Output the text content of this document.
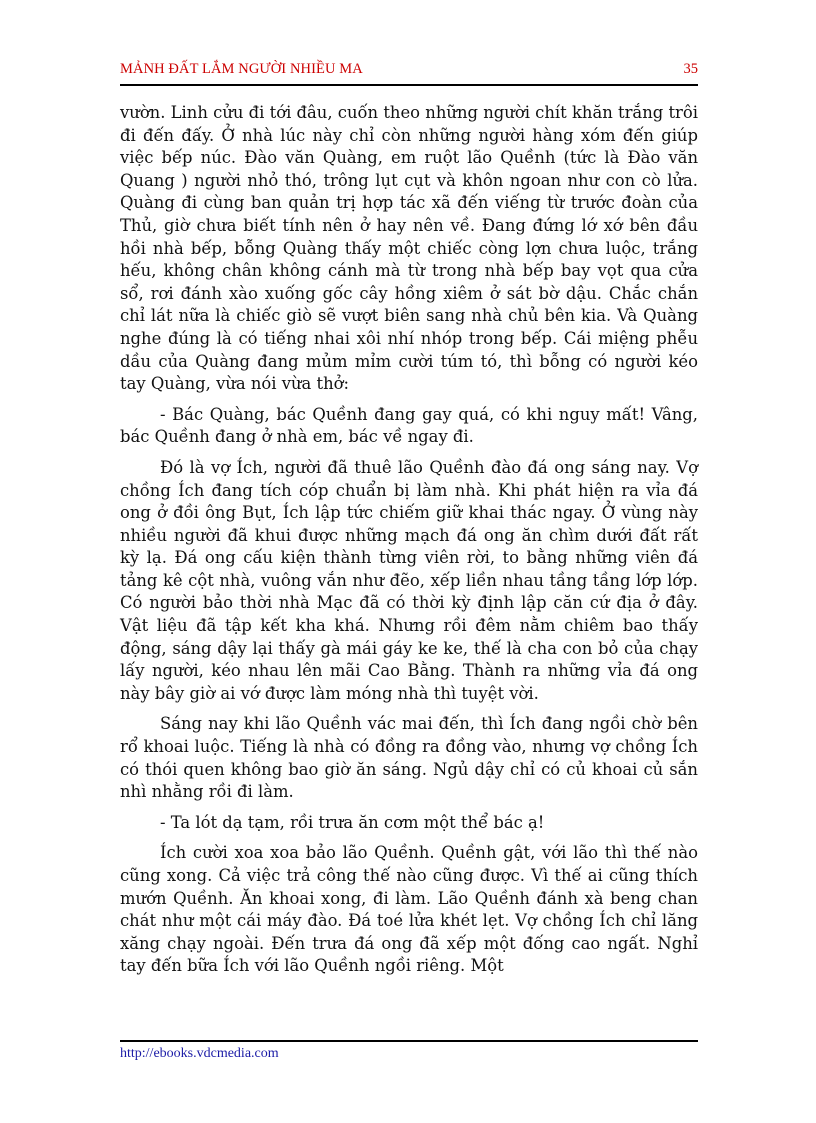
MẢNH ĐẤT LẮM NGƯỜI NHIỀU MA	35

vườn. Linh cửu đi tới đâu, cuốn theo những người chít khăn trắng trôi đi đến đấy. Ở nhà lúc này chỉ còn những người hàng xóm đến giúp việc bếp núc. Đào văn Quàng, em ruột lão Quềnh (tức là Đào văn Quang ) người nhỏ thó, trông lụt cụt và khôn ngoan như con cò lửa. Quàng đi cùng ban quản trị hợp tác xã đến viếng từ trước đoàn của Thủ, giờ chưa biết tính nên ở hay nên về. Đang đứng lớ xớ bên đầu hồi nhà bếp, bỗng Quàng thấy một chiếc còng lợn chưa luộc, trắng hếu, không chân không cánh mà từ trong nhà bếp bay vọt qua cửa sổ, rơi đánh xào xuống gốc cây hồng xiêm ở sát bờ dậu. Chắc chắn chỉ lát nữa là chiếc giò sẽ vượt biên sang nhà chủ bên kia. Và Quàng nghe đúng là có tiếng nhai xôi nhí nhóp trong bếp. Cái miệng phễu dầu của Quàng đang mủm mỉm cười túm tó, thì bỗng có người kéo tay Quàng, vừa nói vừa thở:

- Bác Quàng, bác Quềnh đang gay quá, có khi nguy mất! Vâng, bác Quềnh đang ở nhà em, bác về ngay đi.

Đó là vợ Ích, người đã thuê lão Quềnh đào đá ong sáng nay. Vợ chồng Ích đang tích cóp chuẩn bị làm nhà. Khi phát hiện ra vỉa đá ong ở đồi ông Bụt, Ích lập tức chiếm giữ khai thác ngay. Ở vùng này nhiều người đã khui được những mạch đá ong ăn chìm dưới đất rất kỳ lạ. Đá ong cấu kiện thành từng viên rời, to bằng những viên đá tảng kê cột nhà, vuông vắn như đẽo, xếp liền nhau tầng tầng lớp lớp. Có người bảo thời nhà Mạc đã có thời kỳ định lập căn cứ địa ở đây. Vật liệu đã tập kết kha khá. Nhưng rồi đêm nằm chiêm bao thấy động, sáng dậy lại thấy gà mái gáy ke ke, thế là cha con bỏ của chạy lấy người, kéo nhau lên mãi Cao Bằng. Thành ra những vỉa đá ong này bây giờ ai vớ được làm móng nhà thì tuyệt vời.

Sáng nay khi lão Quềnh vác mai đến, thì Ích đang ngồi chờ bên rổ khoai luộc. Tiếng là nhà có đồng ra đồng vào, nhưng vợ chồng Ích có thói quen không bao giờ ăn sáng. Ngủ dậy chỉ có củ khoai củ sắn nhì nhằng rồi đi làm.

- Ta lót dạ tạm, rồi trưa ăn cơm một thể bác ạ!

Ích cười xoa xoa bảo lão Quềnh. Quềnh gật, với lão thì thế nào cũng xong. Cả việc trả công thế nào cũng được. Vì thế ai cũng thích mướn Quềnh. Ăn khoai xong, đi làm. Lão Quềnh đánh xà beng chan chát như một cái máy đào. Đá toé lửa khét lẹt. Vợ chồng Ích chỉ lăng xăng chạy ngoài. Đến trưa đá ong đã xếp một đống cao ngất. Nghỉ tay đến bữa Ích với lão Quềnh ngồi riêng. Một

http://ebooks.vdcmedia.com
